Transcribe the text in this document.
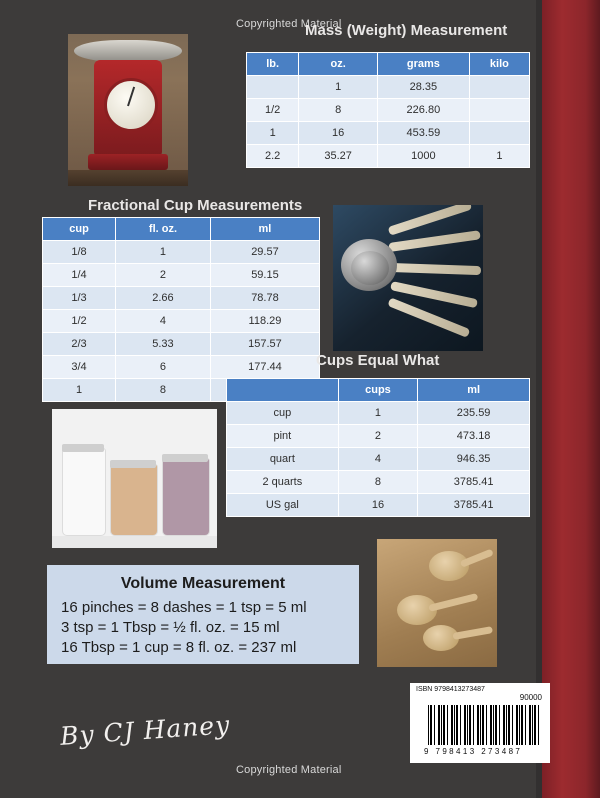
Copyrighted Material
Copyrighted Material
Mass (Weight) Measurement
lb.	oz.	grams	kilo
	1	28.35	
1/2	8	226.80	
1	16	453.59	
2.2	35.27	1000	1
Fractional Cup Measurements
cup	fl. oz.	ml
1/8	1	29.57
1/4	2	59.15
1/3	2.66	78.78
1/2	4	118.29
2/3	5.33	157.57
3/4	6	177.44
1	8	
Cups Equal What
	cups	ml
cup	1	235.59
pint	2	473.18
quart	4	946.35
2 quarts	8	3785.41
US gal	16	3785.41
Volume Measurement
16 pinches = 8 dashes = 1 tsp = 5 ml
3 tsp = 1 Tbsp = ½ fl. oz. = 15 ml
16 Tbsp = 1 cup = 8 fl. oz. = 237 ml
By CJ Haney
ISBN 9798413273487
90000
9 798413 273487
